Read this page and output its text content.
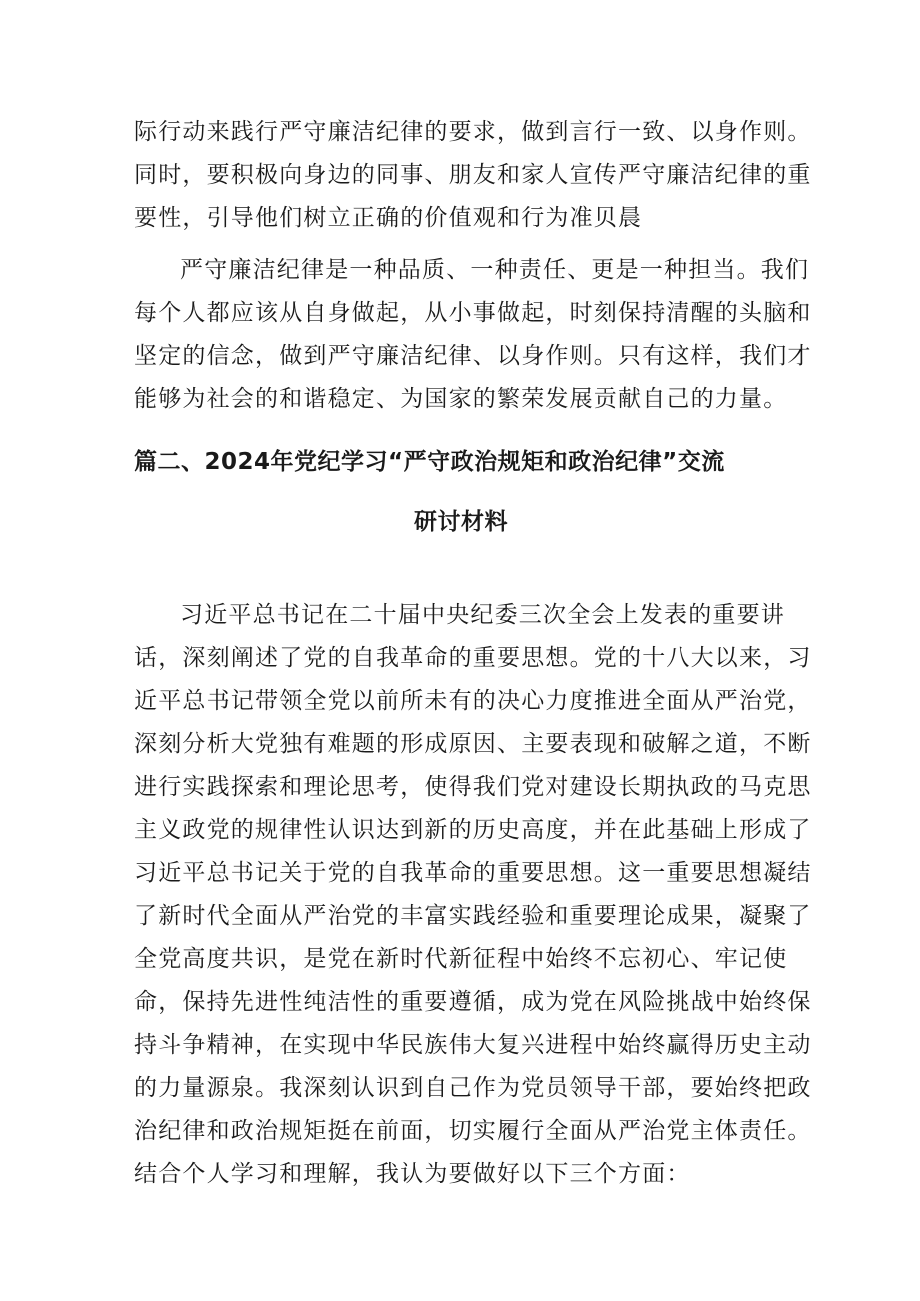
际行动来践行严守廉洁纪律的要求，做到言行一致、以身作则。
同时，要积极向身边的同事、朋友和家人宣传严守廉洁纪律的重
要性，引导他们树立正确的价值观和行为准贝晨
严守廉洁纪律是一种品质、一种责任、更是一种担当。我们
每个人都应该从自身做起，从小事做起，时刻保持清醒的头脑和
坚定的信念，做到严守廉洁纪律、以身作则。只有这样，我们才
能够为社会的和谐稳定、为国家的繁荣发展贡献自己的力量。
篇二、2024年党纪学习“严守政治规矩和政治纪律”交流
研讨材料
习近平总书记在二十届中央纪委三次全会上发表的重要讲
话，深刻阐述了党的自我革命的重要思想。党的十八大以来，习
近平总书记带领全党以前所未有的决心力度推进全面从严治党，
深刻分析大党独有难题的形成原因、主要表现和破解之道，不断
进行实践探索和理论思考，使得我们党对建设长期执政的马克思
主义政党的规律性认识达到新的历史高度，并在此基础上形成了
习近平总书记关于党的自我革命的重要思想。这一重要思想凝结
了新时代全面从严治党的丰富实践经验和重要理论成果，凝聚了
全党高度共识，是党在新时代新征程中始终不忘初心、牢记使
命，保持先进性纯洁性的重要遵循，成为党在风险挑战中始终保
持斗争精神，在实现中华民族伟大复兴进程中始终赢得历史主动
的力量源泉。我深刻认识到自己作为党员领导干部，要始终把政
治纪律和政治规矩挺在前面，切实履行全面从严治党主体责任。
结合个人学习和理解，我认为要做好以下三个方面：
